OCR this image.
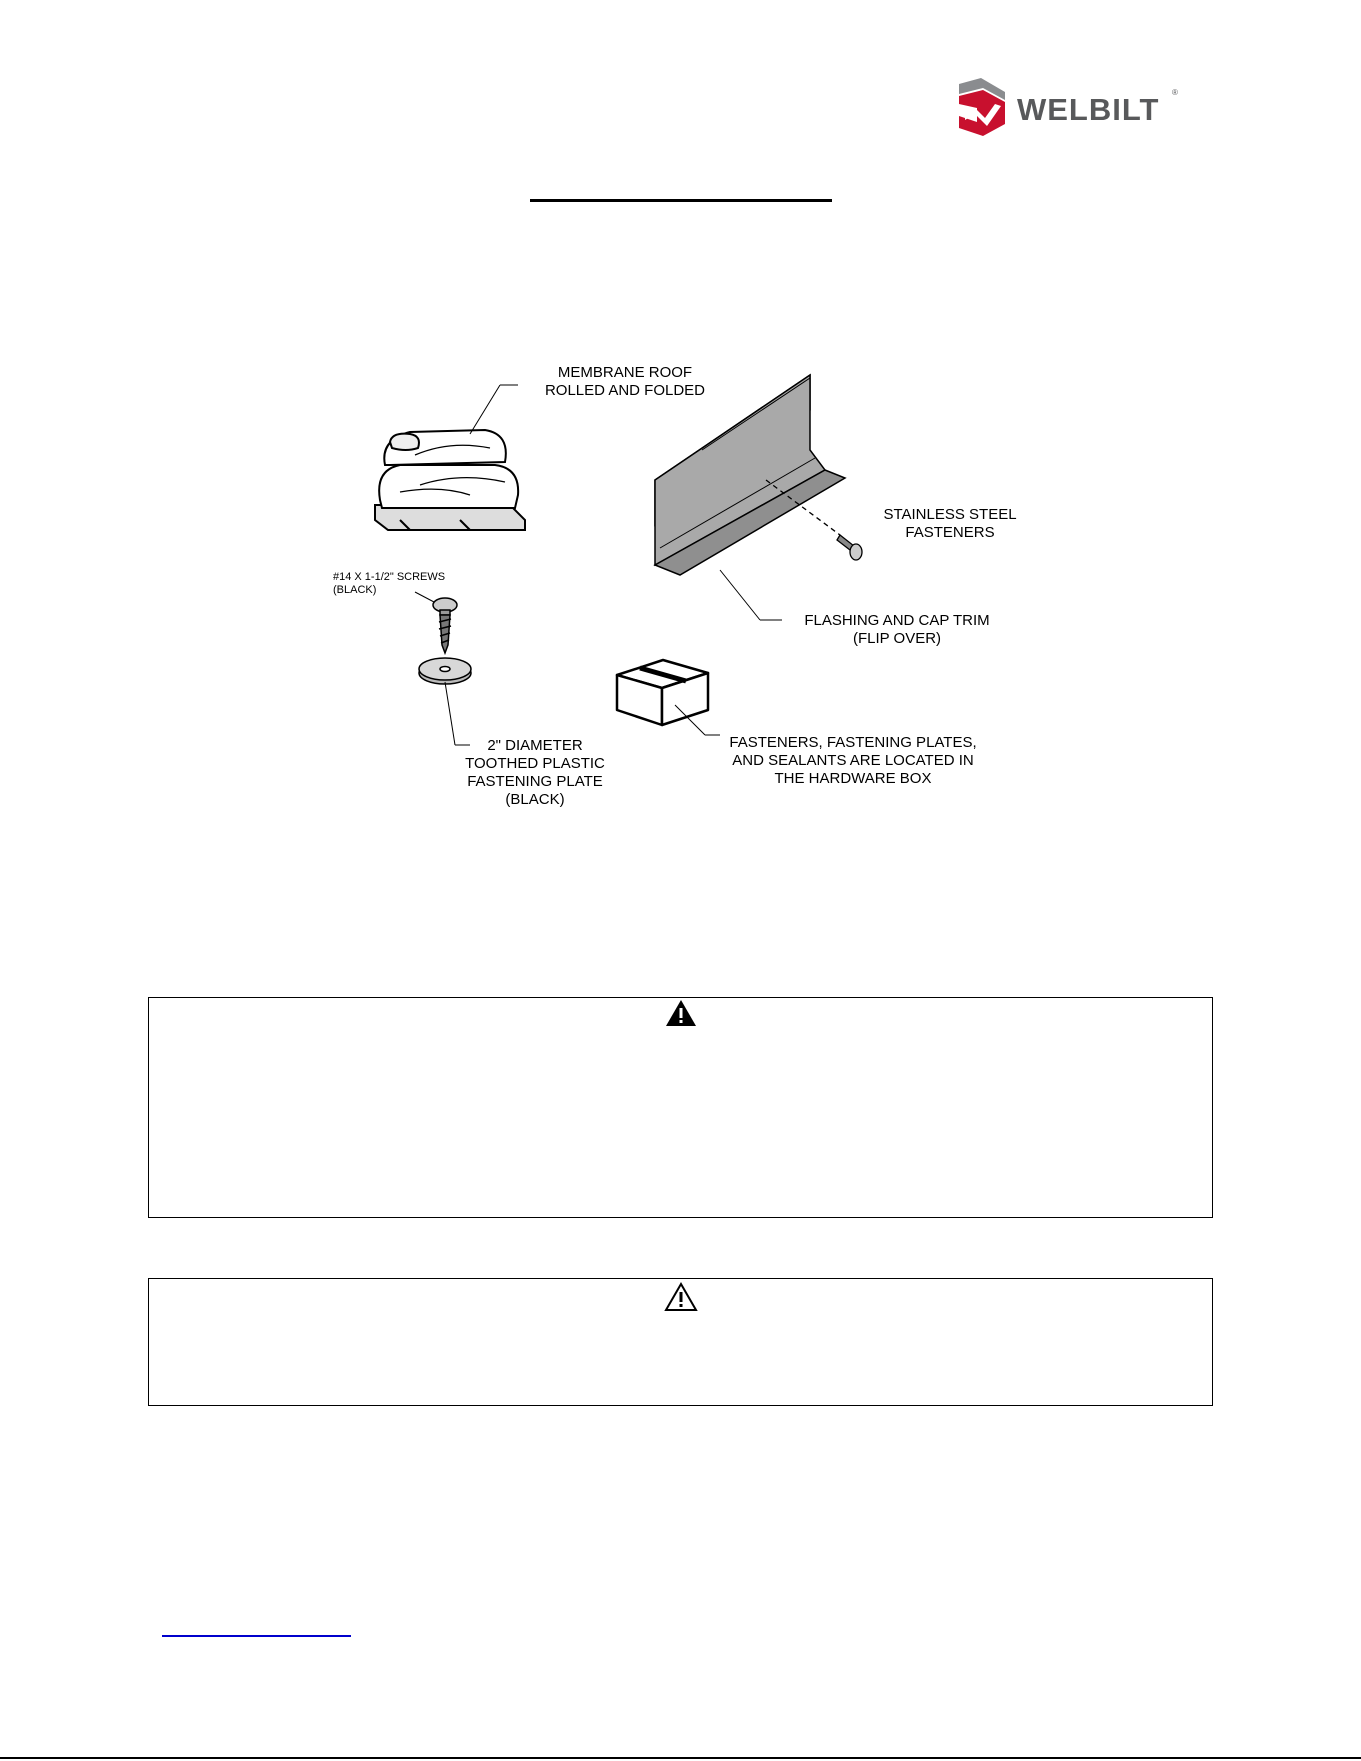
WELBILT ®
MEMBRANE ROOF
ROLLED AND FOLDED
#14 X 1-1/2" SCREWS
(BLACK)
2" DIAMETER
TOOTHED PLASTIC
FASTENING PLATE
(BLACK)
STAINLESS STEEL
FASTENERS
FLASHING AND CAP TRIM
(FLIP OVER)
FASTENERS, FASTENING PLATES,
AND SEALANTS ARE LOCATED IN
THE HARDWARE BOX
